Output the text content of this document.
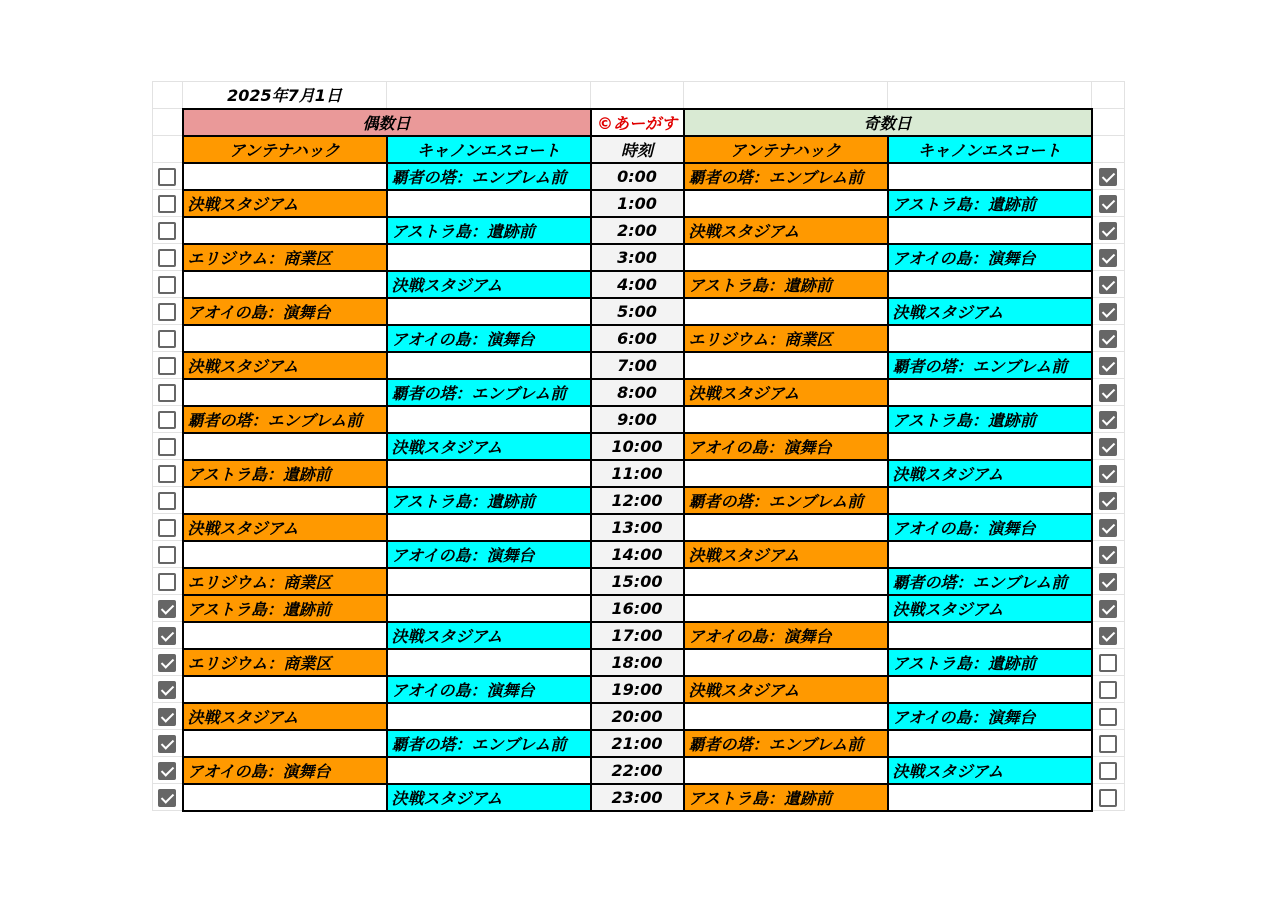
	2025年7月1日					
	偶数日		©あーがす	奇数日		
	アンテナハック	キャノンエスコート	時刻	アンテナハック	キャノンエスコート	
		覇者の塔：エンブレム前	0:00	覇者の塔：エンブレム前		
	決戦スタジアム		1:00		アストラ島：遺跡前	
		アストラ島：遺跡前	2:00	決戦スタジアム		
	エリジウム：商業区		3:00		アオイの島：演舞台	
		決戦スタジアム	4:00	アストラ島：遺跡前		
	アオイの島：演舞台		5:00		決戦スタジアム	
		アオイの島：演舞台	6:00	エリジウム：商業区		
	決戦スタジアム		7:00		覇者の塔：エンブレム前	
		覇者の塔：エンブレム前	8:00	決戦スタジアム		
	覇者の塔：エンブレム前		9:00		アストラ島：遺跡前	
		決戦スタジアム	10:00	アオイの島：演舞台		
	アストラ島：遺跡前		11:00		決戦スタジアム	
		アストラ島：遺跡前	12:00	覇者の塔：エンブレム前		
	決戦スタジアム		13:00		アオイの島：演舞台	
		アオイの島：演舞台	14:00	決戦スタジアム		
	エリジウム：商業区		15:00		覇者の塔：エンブレム前	
	アストラ島：遺跡前		16:00		決戦スタジアム	
		決戦スタジアム	17:00	アオイの島：演舞台		
	エリジウム：商業区		18:00		アストラ島：遺跡前	
		アオイの島：演舞台	19:00	決戦スタジアム		
	決戦スタジアム		20:00		アオイの島：演舞台	
		覇者の塔：エンブレム前	21:00	覇者の塔：エンブレム前		
	アオイの島：演舞台		22:00		決戦スタジアム	
		決戦スタジアム	23:00	アストラ島：遺跡前		
